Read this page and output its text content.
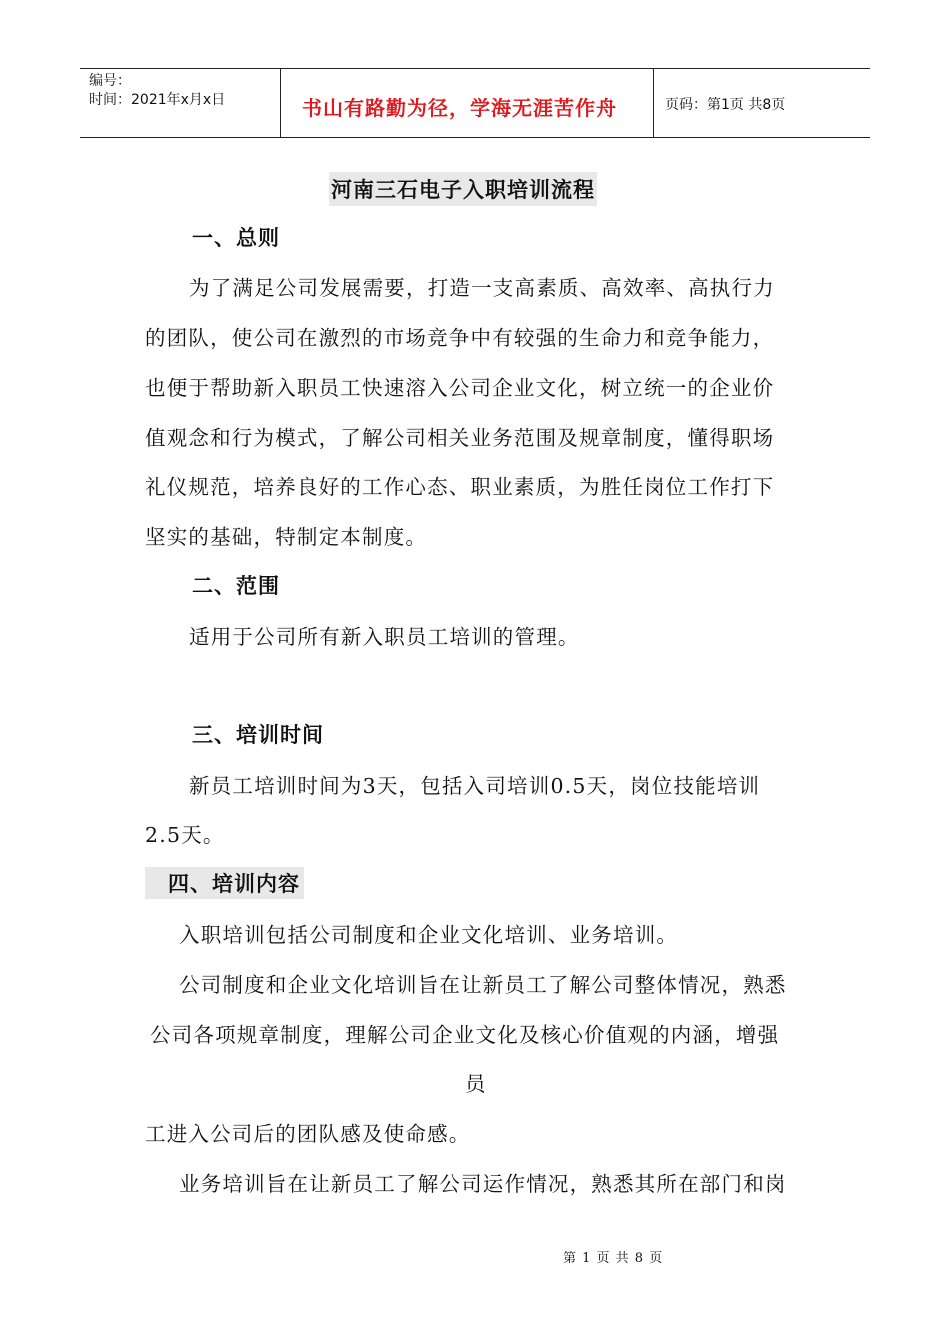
编号：
时间：2021年x月x日	书山有路勤为径，学海无涯苦作舟	页码：第1页 共8页
河南三石电子入职培训流程
一、总则
为了满足公司发展需要，打造一支高素质、高效率、高执行力
的团队，使公司在激烈的市场竞争中有较强的生命力和竞争能力，
也便于帮助新入职员工快速溶入公司企业文化，树立统一的企业价
值观念和行为模式，了解公司相关业务范围及规章制度，懂得职场
礼仪规范，培养良好的工作心态、职业素质，为胜任岗位工作打下
坚实的基础，特制定本制度。
二、范围
适用于公司所有新入职员工培训的管理。
三、培训时间
新员工培训时间为3天，包括入司培训0.5天，岗位技能培训
2.5天。
四、培训内容
入职培训包括公司制度和企业文化培训、业务培训。
公司制度和企业文化培训旨在让新员工了解公司整体情况，熟悉
公司各项规章制度，理解公司企业文化及核心价值观的内涵，增强
员
工进入公司后的团队感及使命感。
业务培训旨在让新员工了解公司运作情况，熟悉其所在部门和岗
第 1 页 共 8 页
